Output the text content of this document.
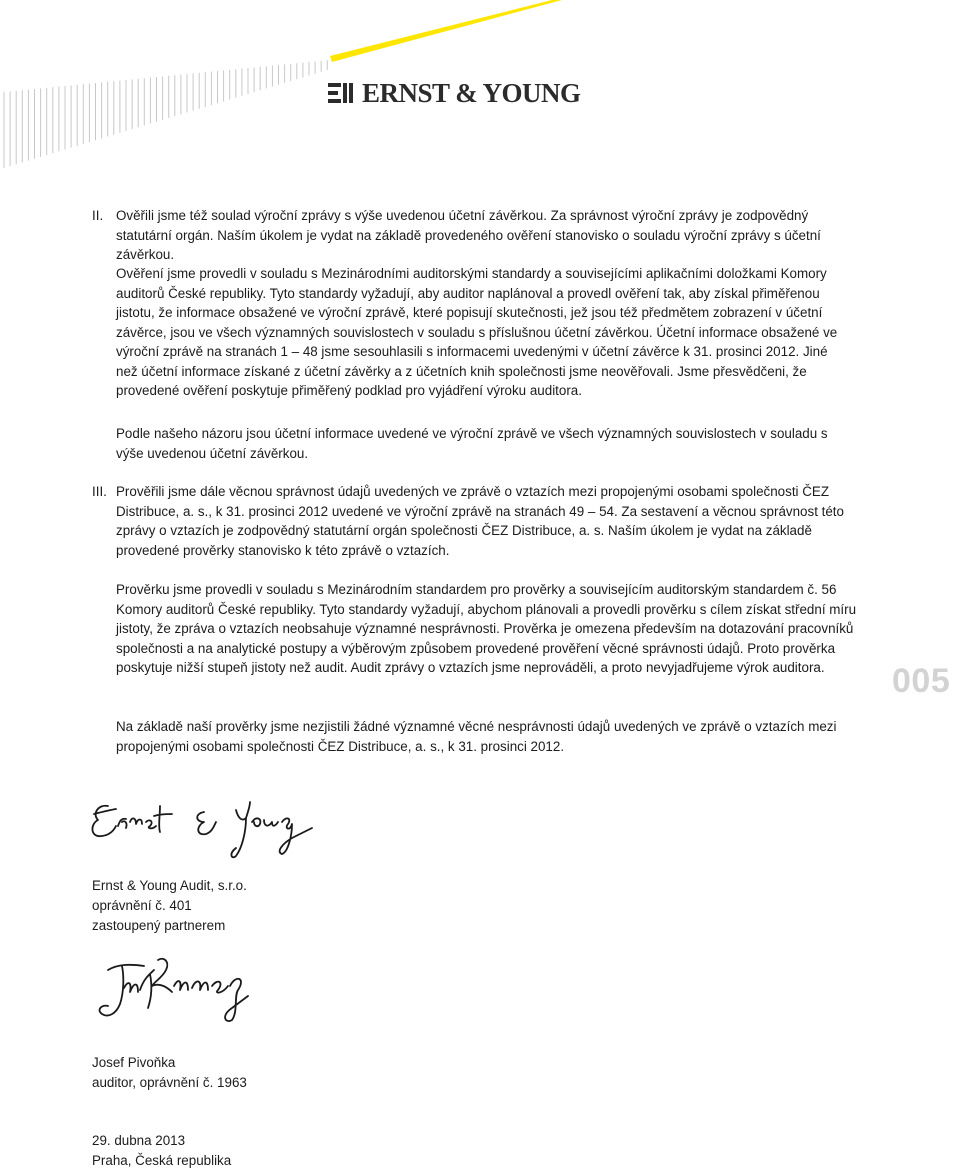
ERNST & YOUNG
II. Ověřili jsme též soulad výroční zprávy s výše uvedenou účetní závěrkou. Za správnost výroční zprávy je zodpovědný statutární orgán. Naším úkolem je vydat na základě provedeného ověření stanovisko o souladu výroční zprávy s účetní závěrkou.

Ověření jsme provedli v souladu s Mezinárodními auditorskými standardy a souvisejícími aplikačními doložkami Komory auditorů České republiky. Tyto standardy vyžadují, aby auditor naplánoval a provedl ověření tak, aby získal přiměřenou jistotu, že informace obsažené ve výroční zprávě, které popisují skutečnosti, jež jsou též předmětem zobrazení v účetní závěrce, jsou ve všech významných souvislostech v souladu s příslušnou účetní závěrkou. Účetní informace obsažené ve výroční zprávě na stranách 1 – 48 jsme sesouhlasili s informacemi uvedenými v účetní závěrce k 31. prosinci 2012. Jiné než účetní informace získané z účetní závěrky a z účetních knih společnosti jsme neověřovali. Jsme přesvědčeni, že provedené ověření poskytuje přiměřený podklad pro vyjádření výroku auditora.

Podle našeho názoru jsou účetní informace uvedené ve výroční zprávě ve všech významných souvislostech v souladu s výše uvedenou účetní závěrkou.

III. Prověřili jsme dále věcnou správnost údajů uvedených ve zprávě o vztazích mezi propojenými osobami společnosti ČEZ Distribuce, a. s., k 31. prosinci 2012 uvedené ve výroční zprávě na stranách 49 – 54. Za sestavení a věcnou správnost této zprávy o vztazích je zodpovědný statutární orgán společnosti ČEZ Distribuce, a. s. Naším úkolem je vydat na základě provedené prověrky stanovisko k této zprávě o vztazích.

Prověrku jsme provedli v souladu s Mezinárodním standardem pro prověrky a souvisejícím auditorským standardem č. 56 Komory auditorů České republiky. Tyto standardy vyžadují, abychom plánovali a provedli prověrku s cílem získat střední míru jistoty, že zpráva o vztazích neobsahuje významné nesprávnosti. Prověrka je omezena především na dotazování pracovníků společnosti a na analytické postupy a výběrovým způsobem provedené prověření věcné správnosti údajů. Proto prověrka poskytuje nižší stupeň jistoty než audit. Audit zprávy o vztazích jsme neprováděli, a proto nevyjadřujeme výrok auditora.

Na základě naší prověrky jsme nezjistili žádné významné věcné nesprávnosti údajů uvedených ve zprávě o vztazích mezi propojenými osobami společnosti ČEZ Distribuce, a. s., k 31. prosinci 2012.

005

Ernst & Young Audit, s.r.o.
oprávnění č. 401
zastoupený partnerem

Josef Pivoňka
auditor, oprávnění č. 1963

29. dubna 2013
Praha, Česká republika
